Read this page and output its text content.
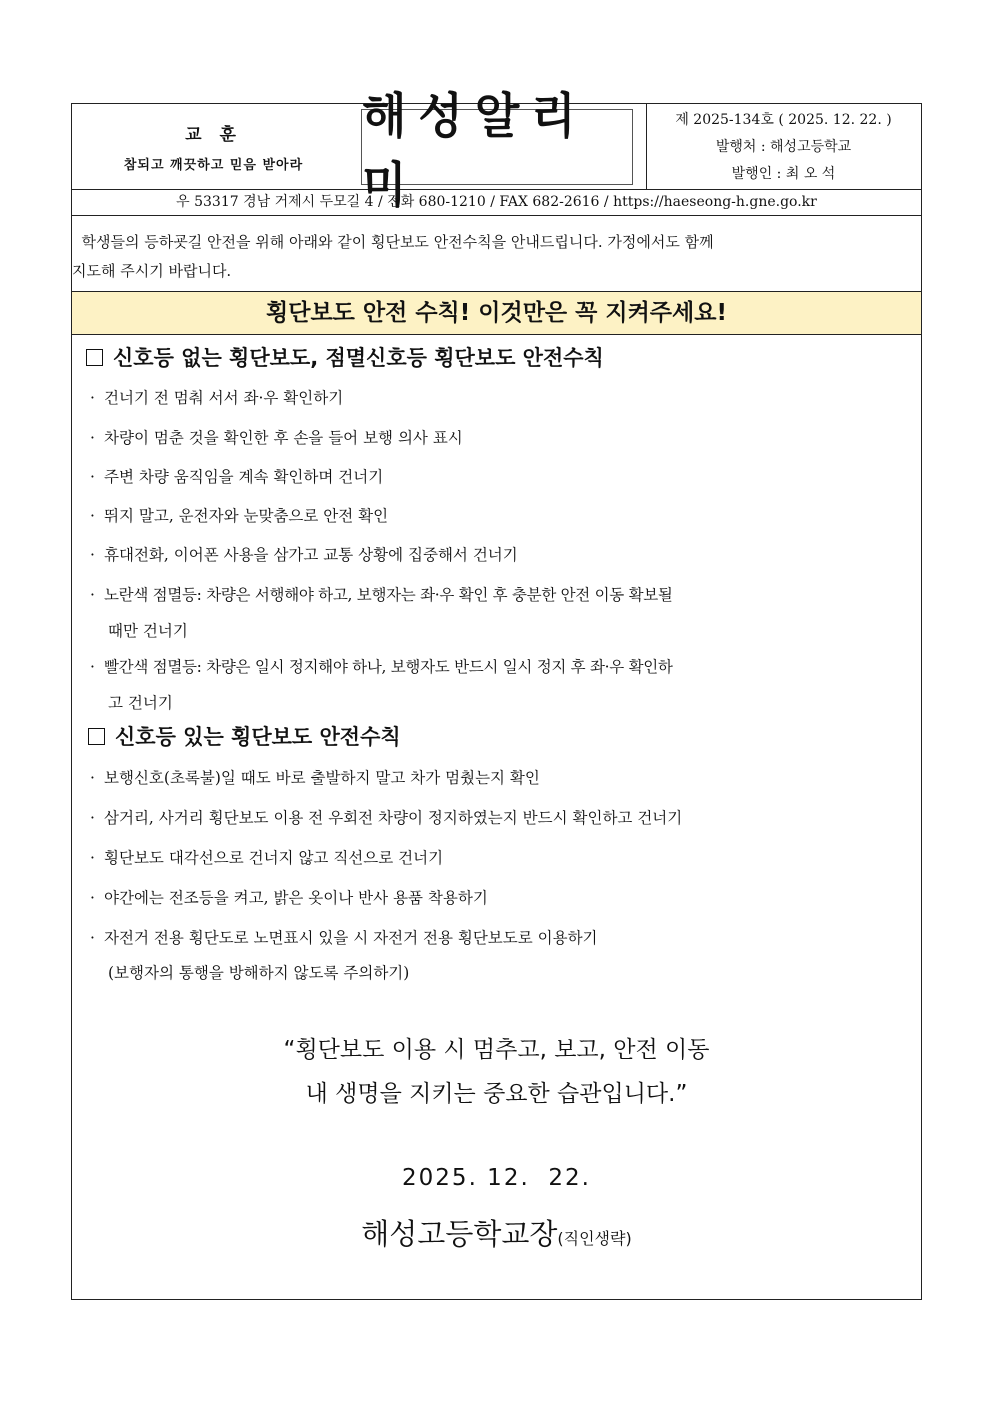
교 훈
참되고 깨끗하고 믿음 받아라
해성알리미
제 2025-134호 ( 2025. 12. 22. )
발행처 : 해성고등학교
발행인 : 최 오 석
우 53317 경남 거제시 두모길 4 / 전화 680-1210 / FAX 682-2616 / https://haeseong-h.gne.go.kr
학생들의 등하굣길 안전을 위해 아래와 같이 횡단보도 안전수칙을 안내드립니다. 가정에서도 함께
지도해 주시기 바랍니다.
횡단보도 안전 수칙! 이것만은 꼭 지켜주세요!
신호등 없는 횡단보도, 점멸신호등 횡단보도 안전수칙
· 건너기 전 멈춰 서서 좌·우 확인하기
· 차량이 멈춘 것을 확인한 후 손을 들어 보행 의사 표시
· 주변 차량 움직임을 계속 확인하며 건너기
· 뛰지 말고, 운전자와 눈맞춤으로 안전 확인
· 휴대전화, 이어폰 사용을 삼가고 교통 상황에 집중해서 건너기
· 노란색 점멸등: 차량은 서행해야 하고, 보행자는 좌·우 확인 후 충분한 안전 이동 확보될
때만 건너기
· 빨간색 점멸등: 차량은 일시 정지해야 하나, 보행자도 반드시 일시 정지 후 좌·우 확인하
고 건너기
신호등 있는 횡단보도 안전수칙
· 보행신호(초록불)일 때도 바로 출발하지 말고 차가 멈췄는지 확인
· 삼거리, 사거리 횡단보도 이용 전 우회전 차량이 정지하였는지 반드시 확인하고 건너기
· 횡단보도 대각선으로 건너지 않고 직선으로 건너기
· 야간에는 전조등을 켜고, 밝은 옷이나 반사 용품 착용하기
· 자전거 전용 횡단도로 노면표시 있을 시 자전거 전용 횡단보도로 이용하기
(보행자의 통행을 방해하지 않도록 주의하기)
“횡단보도 이용 시 멈추고, 보고, 안전 이동
내 생명을 지키는 중요한 습관입니다.”
2025. 12.  22.
해성고등학교장(직인생략)
